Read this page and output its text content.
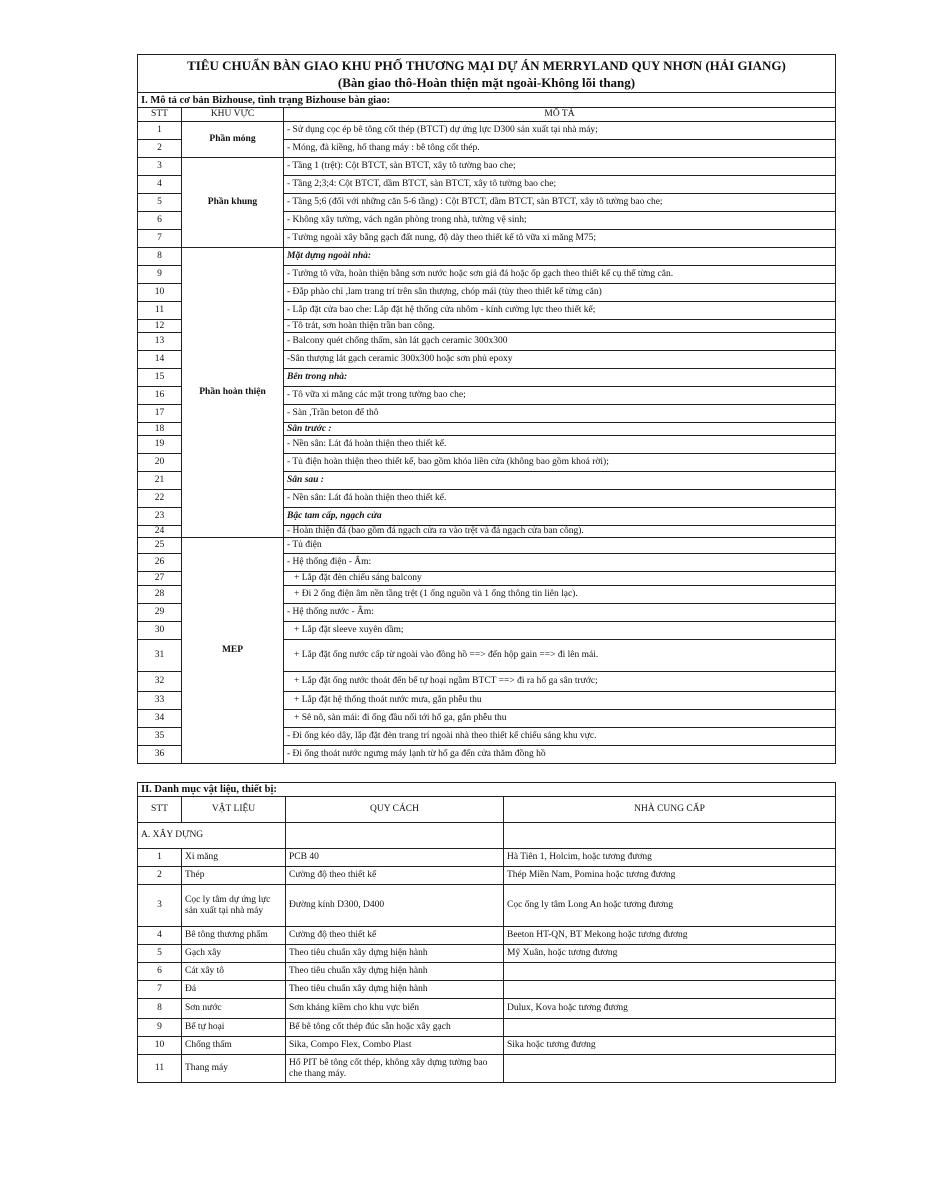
TIÊU CHUẨN BÀN GIAO KHU PHỐ THƯƠNG MẠI DỰ ÁN MERRYLAND QUY NHƠN (HẢI GIANG)
(Bàn giao thô-Hoàn thiện mặt ngoài-Không lõi thang)		

I. Mô tả cơ bản Bizhouse, tình trạng Bizhouse bàn giao:		
STT	KHU VỰC	MÔ TẢ
1	Phần móng	- Sử dụng cọc ép bê tông cốt thép (BTCT) dự ứng lực D300 sản xuất tại nhà máy;
2		- Móng, đà kiềng, hố thang máy : bê tông cốt thép.
3	Phần khung	- Tầng 1 (trệt): Cột BTCT, sàn BTCT, xây tô tường bao che;
4		- Tầng 2;3;4: Cột BTCT, dầm BTCT, sàn BTCT, xây tô tường bao che;
5		- Tầng 5;6 (đối với những căn 5-6 tầng) : Cột BTCT, dầm BTCT, sàn BTCT, xây tô tường bao che;
6		- Không xây tường, vách ngăn phòng trong nhà, tường vệ sinh;
7		- Tường ngoài xây bằng gạch đất nung, độ dày theo thiết kế tô vữa xi măng M75;
8	Phần hoàn thiện	Mặt dựng ngoài nhà:
9		- Tường tô vữa, hoàn thiện bằng sơn nước hoặc sơn giả đá hoặc ốp gạch theo thiết kế cụ thể từng căn.
10		- Đắp phào chỉ ,lam trang trí trên sân thượng, chóp mái (tùy theo thiết kế từng căn)
11		- Lắp đặt cửa bao che: Lắp đặt hệ thống cửa nhôm - kính cường lực theo thiết kế;
12		- Tô trát, sơn hoàn thiện trần ban công.
13		- Balcony quét chống thấm, sàn lát gạch ceramic 300x300
14		-Sân thượng lát gạch ceramic 300x300 hoặc sơn phủ epoxy
15		Bên trong nhà:
16		- Tô vữa xi măng các mặt trong tường bao che;
17		- Sàn ,Trần beton để thô
18		Sân trước :
19		- Nền sân: Lát đá hoàn thiện theo thiết kế.
20		- Tủ điện hoàn thiện theo thiết kế, bao gồm khóa liền cửa (không bao gồm khoá rời);
21		Sân sau :
22		- Nền sân: Lát đá hoàn thiện theo thiết kế.
23		Bậc tam cấp, ngạch cửa
24		- Hoàn thiện đá (bao gồm đá ngạch cửa ra vào trệt và đá ngạch cửa ban công).
25	MEP	- Tủ điện
26		- Hệ thống điện - Âm:
27		+ Lắp đặt đèn chiếu sáng balcony
28		+ Đi 2 ống điện âm nền tầng trệt (1 ống nguồn và 1 ống thông tin liên lạc).
29		- Hệ thống nước - Âm:
30		+ Lắp đặt sleeve xuyên dầm;
31		+ Lắp đặt ống nước cấp từ ngoài vào đồng hồ ==> đến hộp gain ==> đi lên mái.
32		+ Lắp đặt ống nước thoát đến bể tự hoại ngầm BTCT ==> đi ra hố ga sân trước;
33		+ Lắp đặt hệ thống thoát nước mưa, gắn phễu thu
34		+ Sê nô, sàn mái: đi ống đầu nối tới hố ga, gắn phễu thu
35		- Đi ống kéo dây, lắp đặt đèn trang trí ngoài nhà theo thiết kế chiếu sáng khu vực.
36		- Đi ống thoát nước ngưng máy lạnh từ hố ga đến cửa thăm đồng hồ
II. Danh mục vật liệu, thiết bị:			
STT	VẬT LIỆU	QUY CÁCH	NHÀ CUNG CẤP
A. XÂY DỰNG			
1	Xi măng	PCB 40	Hà Tiên 1, Holcim, hoặc tương đương
2	Thép	Cường độ theo thiết kế	Thép Miền Nam, Pomina hoặc tương đương
3	Cọc ly tâm dự ứng lực sản xuất tại nhà máy	Đường kính D300, D400	Cọc ống ly tâm Long An hoặc tương đương
4	Bê tông thương phẩm	Cường độ theo thiết kế	Beeton HT-QN, BT Mekong hoặc tương đương
5	Gạch xây	Theo tiêu chuẩn xây dựng hiện hành	Mỹ Xuân, hoặc tương đương
6	Cát xây tô	Theo tiêu chuẩn xây dựng hiện hành	
7	Đá	Theo tiêu chuẩn xây dựng hiện hành	
8	Sơn nước	Sơn kháng kiềm cho khu vực biển	Dulux, Kova hoặc tương đương
9	Bể tự hoại	Bể bê tông cốt thép đúc sẵn hoặc xây gạch	
10	Chống thấm	Sika, Compo Flex, Combo Plast	Sika hoặc tương đương
11	Thang máy	Hố PIT bê tông cốt thép, không xây dựng tường bao che thang máy.	
